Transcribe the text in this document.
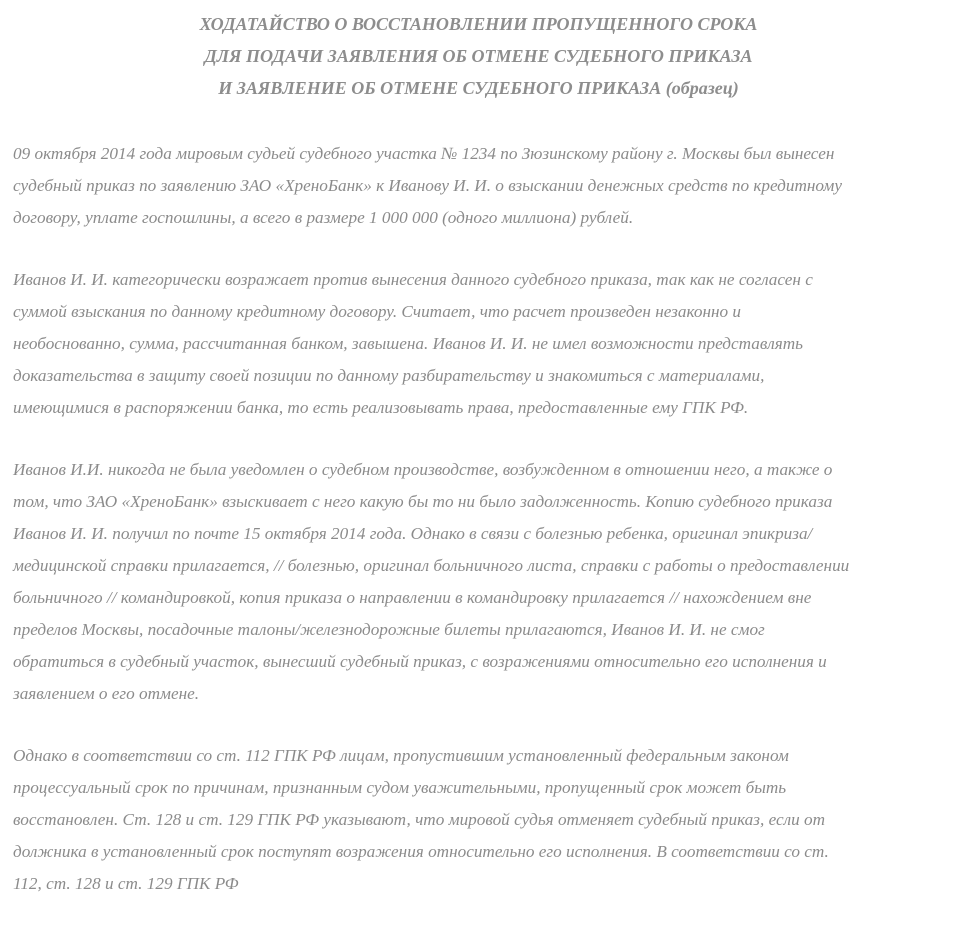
ХОДАТАЙСТВО О ВОССТАНОВЛЕНИИ ПРОПУЩЕННОГО СРОКА
ДЛЯ ПОДАЧИ ЗАЯВЛЕНИЯ ОБ ОТМЕНЕ СУДЕБНОГО ПРИКАЗА
И ЗАЯВЛЕНИЕ ОБ ОТМЕНЕ СУДЕБНОГО ПРИКАЗА (образец)
09 октября 2014 года мировым судьей судебного участка № 1234 по Зюзинскому району г. Москвы был вынесен
судебный приказ по заявлению ЗАО «ХреноБанк» к Иванову И. И. о взыскании денежных средств по кредитному
договору, уплате госпошлины, а всего в размере 1 000 000 (одного миллиона) рублей.
Иванов И. И. категорически возражает против вынесения данного судебного приказа, так как не согласен с
суммой взыскания по данному кредитному договору. Считает, что расчет произведен незаконно и
необоснованно, сумма, рассчитанная банком, завышена. Иванов И. И. не имел возможности представлять
доказательства в защиту своей позиции по данному разбирательству и знакомиться с материалами,
имеющимися в распоряжении банка, то есть реализовывать права, предоставленные ему ГПК РФ.
Иванов И.И. никогда не была уведомлен о судебном производстве, возбужденном в отношении него, а также о
том, что ЗАО «ХреноБанк» взыскивает с него какую бы то ни было задолженность. Копию судебного приказа
Иванов И. И. получил по почте 15 октября 2014 года. Однако в связи с болезнью ребенка, оригинал эпикриза/
медицинской справки прилагается, // болезнью, оригинал больничного листа, справки с работы о предоставлении
больничного // командировкой, копия приказа о направлении в командировку прилагается // нахождением вне
пределов Москвы, посадочные талоны/железнодорожные билеты прилагаются, Иванов И. И. не смог
обратиться в судебный участок, вынесший судебный приказ, с возражениями относительно его исполнения и
заявлением о его отмене.
Однако в соответствии со ст. 112 ГПК РФ лицам, пропустившим установленный федеральным законом
процессуальный срок по причинам, признанным судом уважительными, пропущенный срок может быть
восстановлен. Ст. 128 и ст. 129 ГПК РФ указывают, что мировой судья отменяет судебный приказ, если от
должника в установленный срок поступят возражения относительно его исполнения. В соответствии со ст.
112, ст. 128 и ст. 129 ГПК РФ
